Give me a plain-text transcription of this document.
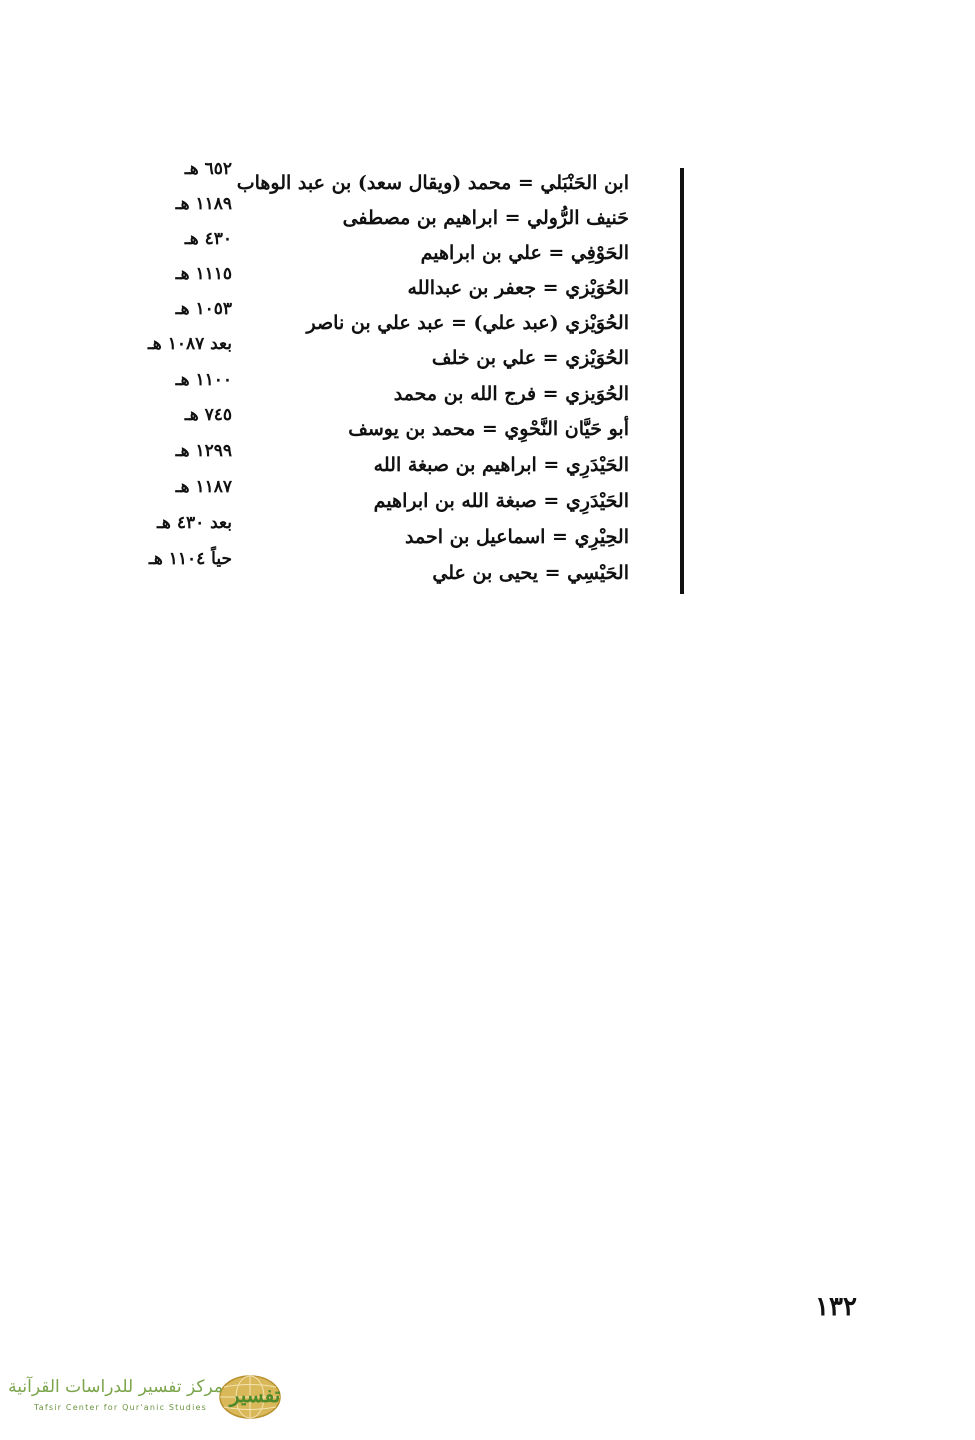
ابن الحَنْبَلي = محمد (ويقال سعد) بن عبد الوهاب
٦٥٢ هـ
حَنيف الرُّولي = ابراهيم بن مصطفى
١١٨٩ هـ
الحَوْفِي = علي بن ابراهيم
٤٣٠ هـ
الحُوَيْزي = جعفر بن عبدالله
١١١٥ هـ
الحُوَيْزي (عبد علي) = عبد علي بن ناصر
١٠٥٣ هـ
الحُوَيْزي = علي بن خلف
بعد ١٠٨٧ هـ
الحُوَيزي = فرج الله بن محمد
١١٠٠ هـ
أبو حَيَّان النَّحْوِي = محمد بن يوسف
٧٤٥ هـ
الحَيْدَرِي = ابراهيم بن صبغة الله
١٢٩٩ هـ
الحَيْدَرِي = صبغة الله بن ابراهيم
١١٨٧ هـ
الحِيْرِي = اسماعيل بن احمد
بعد ٤٣٠ هـ
الحَيْسِي = يحيى بن علي
حياً ١١٠٤ هـ
١٣٢
تفسير
مركز تفسير للدراسات القرآنية
Tafsir Center for Qur'anic Studies
